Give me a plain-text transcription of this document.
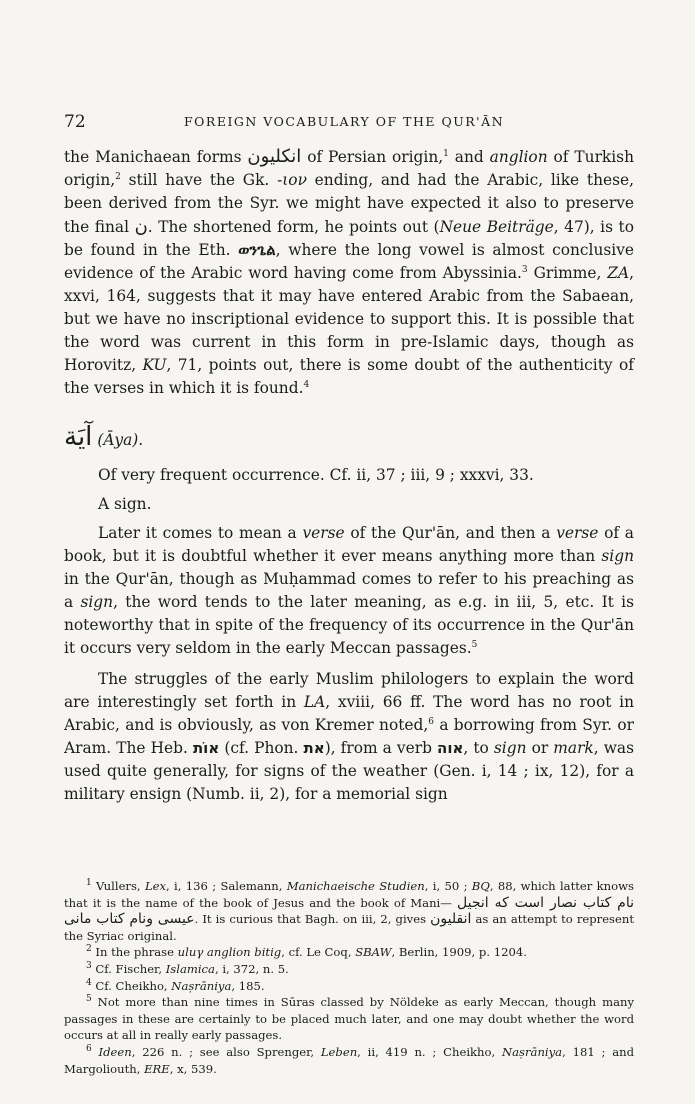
72	FOREIGN VOCABULARY OF THE QUR'ĀN

the Manichaean forms انكليون of Persian origin,$^1$ and anglion of Turkish origin,$^2$ still have the Gk. -ιον ending, and had the Arabic, like these, been derived from the Syr. we might have expected it also to preserve the final ن. The shortened form, he points out (Neue Beiträge, 47), is to be found in the Eth. ወንጌል, where the long vowel is almost conclusive evidence of the Arabic word having come from Abyssinia.$^3$ Grimme, ZA, xxvi, 164, suggests that it may have entered Arabic from the Sabaean, but we have no inscriptional evidence to support this. It is possible that the word was current in this form in pre-Islamic days, though as Horovitz, KU, 71, points out, there is some doubt of the authenticity of the verses in which it is found.$^4$

آيَة (Āya).

Of very frequent occurrence. Cf. ii, 37 ; iii, 9 ; xxxvi, 33.

A sign.

Later it comes to mean a verse of the Qur'ān, and then a verse of a book, but it is doubtful whether it ever means anything more than sign in the Qur'ān, though as Muḥammad comes to refer to his preaching as a sign, the word tends to the later meaning, as e.g. in iii, 5, etc. It is noteworthy that in spite of the frequency of its occurrence in the Qur'ān it occurs very seldom in the early Meccan passages.$^5$

The struggles of the early Muslim philologers to explain the word are interestingly set forth in LA, xviii, 66 ff. The word has no root in Arabic, and is obviously, as von Kremer noted,$^6$ a borrowing from Syr. or Aram. The Heb. אוֹת (cf. Phon. את), from a verb אוה, to sign or mark, was used quite generally, for signs of the weather (Gen. i, 14 ; ix, 12), for a military ensign (Numb. ii, 2), for a memorial sign

$^1$ Vullers, Lex, i, 136 ; Salemann, Manichaeische Studien, i, 50 ; BQ, 88, which latter knows that it is the name of the book of Jesus and the book of Mani— نام كتاب نصار است كه انجيل عيسى ونام كتاب مانى. It is curious that Bagh. on iii, 2, gives انقليون as an attempt to represent the Syriac original.

$^2$ In the phrase uluγ anglion bitig, cf. Le Coq, SBAW, Berlin, 1909, p. 1204.

$^3$ Cf. Fischer, Islamica, i, 372, n. 5.

$^4$ Cf. Cheikho, Naṣrāniya, 185.

$^5$ Not more than nine times in Sūras classed by Nöldeke as early Meccan, though many passages in these are certainly to be placed much later, and one may doubt whether the word occurs at all in really early passages.

$^6$ Ideen, 226 n. ; see also Sprenger, Leben, ii, 419 n. ; Cheikho, Naṣrāniya, 181 ; and Margoliouth, ERE, x, 539.
